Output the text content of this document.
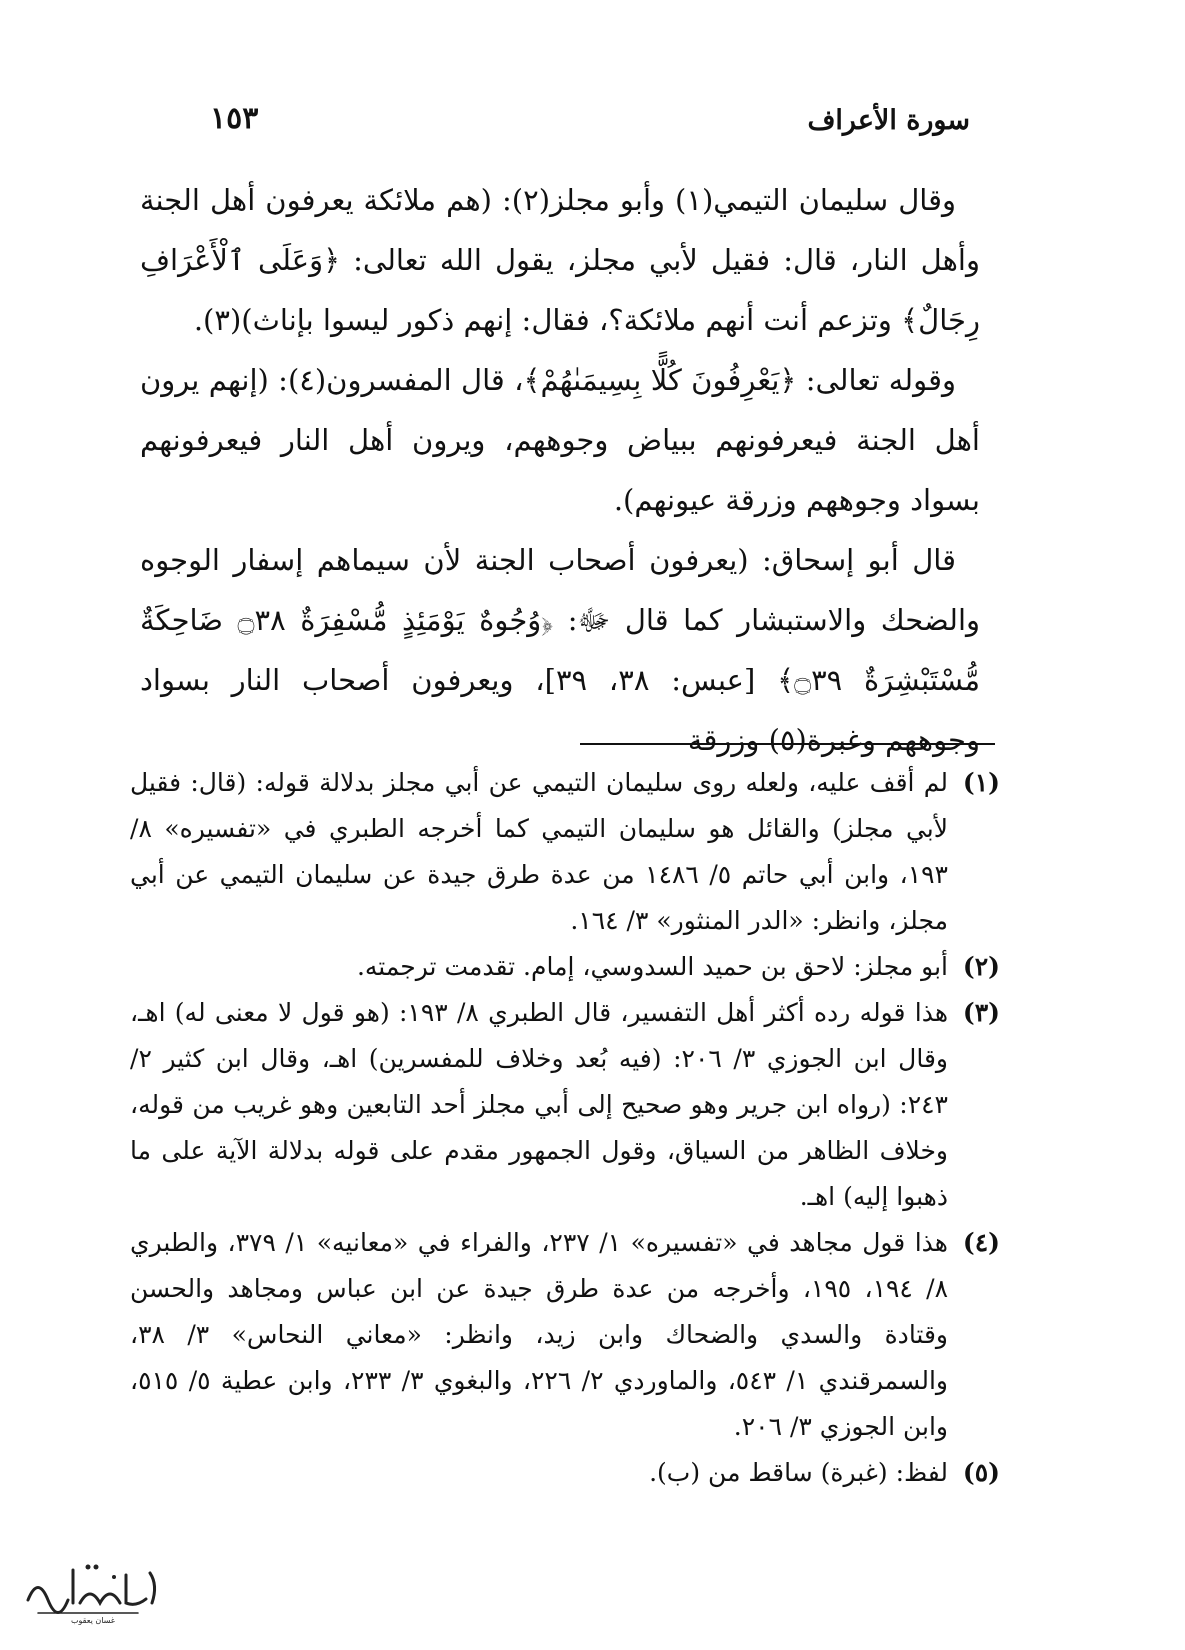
سورة الأعراف
١٥٣

وقال سليمان التيمي(١) وأبو مجلز(٢): (هم ملائكة يعرفون أهل الجنة وأهل النار، قال: فقيل لأبي مجلز، يقول الله تعالى: ﴿وَعَلَى ٱلْأَعْرَافِ رِجَالٌ﴾ وتزعم أنت أنهم ملائكة؟، فقال: إنهم ذكور ليسوا بإناث)(٣).

وقوله تعالى: ﴿يَعْرِفُونَ كُلًّا بِسِيمَىٰهُمْ﴾، قال المفسرون(٤): (إنهم يرون أهل الجنة فيعرفونهم ببياض وجوههم، ويرون أهل النار فيعرفونهم بسواد وجوههم وزرقة عيونهم).

قال أبو إسحاق: (يعرفون أصحاب الجنة لأن سيماهم إسفار الوجوه والضحك والاستبشار كما قال ﷻ: ﴿وُجُوهٌ يَوْمَئِذٍ مُّسْفِرَةٌ ۝٣٨ ضَاحِكَةٌ مُّسْتَبْشِرَةٌ ۝٣٩﴾ [عبس: ٣٨، ٣٩]، ويعرفون أصحاب النار بسواد وجوههم وغبرة(٥) وزرقة

(١)
لم أقف عليه، ولعله روى سليمان التيمي عن أبي مجلز بدلالة قوله: (قال: فقيل لأبي مجلز) والقائل هو سليمان التيمي كما أخرجه الطبري في «تفسيره» ٨/ ١٩٣، وابن أبي حاتم ٥/ ١٤٨٦ من عدة طرق جيدة عن سليمان التيمي عن أبي مجلز، وانظر: «الدر المنثور» ٣/ ١٦٤.
(٢)
أبو مجلز: لاحق بن حميد السدوسي، إمام. تقدمت ترجمته.
(٣)
هذا قوله رده أكثر أهل التفسير، قال الطبري ٨/ ١٩٣: (هو قول لا معنى له) اهـ، وقال ابن الجوزي ٣/ ٢٠٦: (فيه بُعد وخلاف للمفسرين) اهـ، وقال ابن كثير ٢/ ٢٤٣: (رواه ابن جرير وهو صحيح إلى أبي مجلز أحد التابعين وهو غريب من قوله، وخلاف الظاهر من السياق، وقول الجمهور مقدم على قوله بدلالة الآية على ما ذهبوا إليه) اهـ.
(٤)
هذا قول مجاهد في «تفسيره» ١/ ٢٣٧، والفراء في «معانيه» ١/ ٣٧٩، والطبري ٨/ ١٩٤، ١٩٥، وأخرجه من عدة طرق جيدة عن ابن عباس ومجاهد والحسن وقتادة والسدي والضحاك وابن زيد، وانظر: «معاني النحاس» ٣/ ٣٨، والسمرقندي ١/ ٥٤٣، والماوردي ٢/ ٢٢٦، والبغوي ٣/ ٢٣٣، وابن عطية ٥/ ٥١٥، وابن الجوزي ٣/ ٢٠٦.
(٥)
لفظ: (غبرة) ساقط من (ب).
غسان يعقوب
